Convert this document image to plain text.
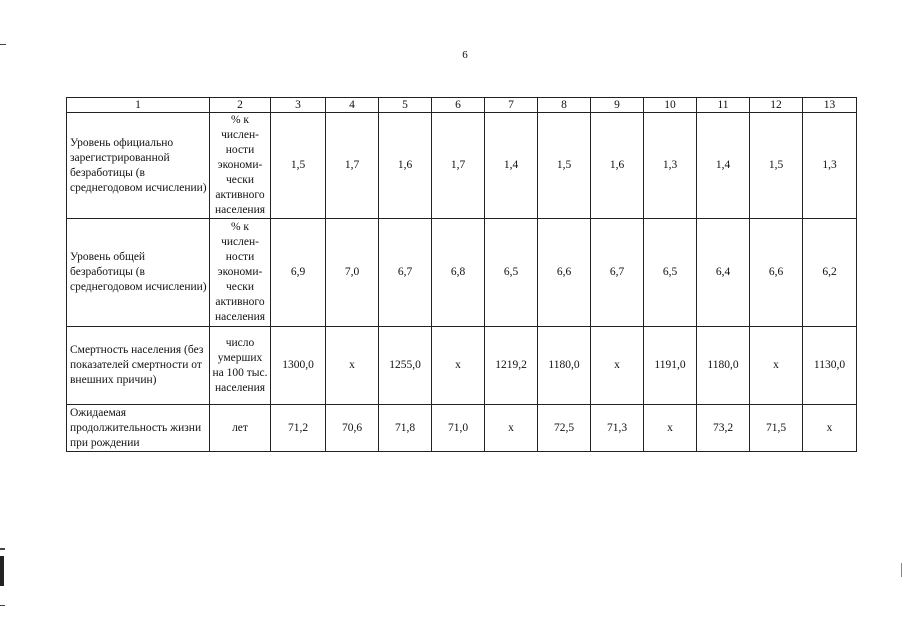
6
1	2	3	4	5	6	7	8	9	10	11	12	13
Уровень официально зарегистрированной безработицы (в среднегодовом исчислении)	% к числен-ности экономи-чески активного населения	1,5	1,7	1,6	1,7	1,4	1,5	1,6	1,3	1,4	1,5	1,3
Уровень общей безработицы (в среднегодовом исчислении)	% к числен-ности экономи-чески активного населения	6,9	7,0	6,7	6,8	6,5	6,6	6,7	6,5	6,4	6,6	6,2
Смертность населения (без показателей смертности от внешних причин)	число умерших на 100 тыс. населения	1300,0	х	1255,0	х	1219,2	1180,0	х	1191,0	1180,0	х	1130,0
Ожидаемая продолжительность жизни при рождении	лет	71,2	70,6	71,8	71,0	х	72,5	71,3	х	73,2	71,5	х
